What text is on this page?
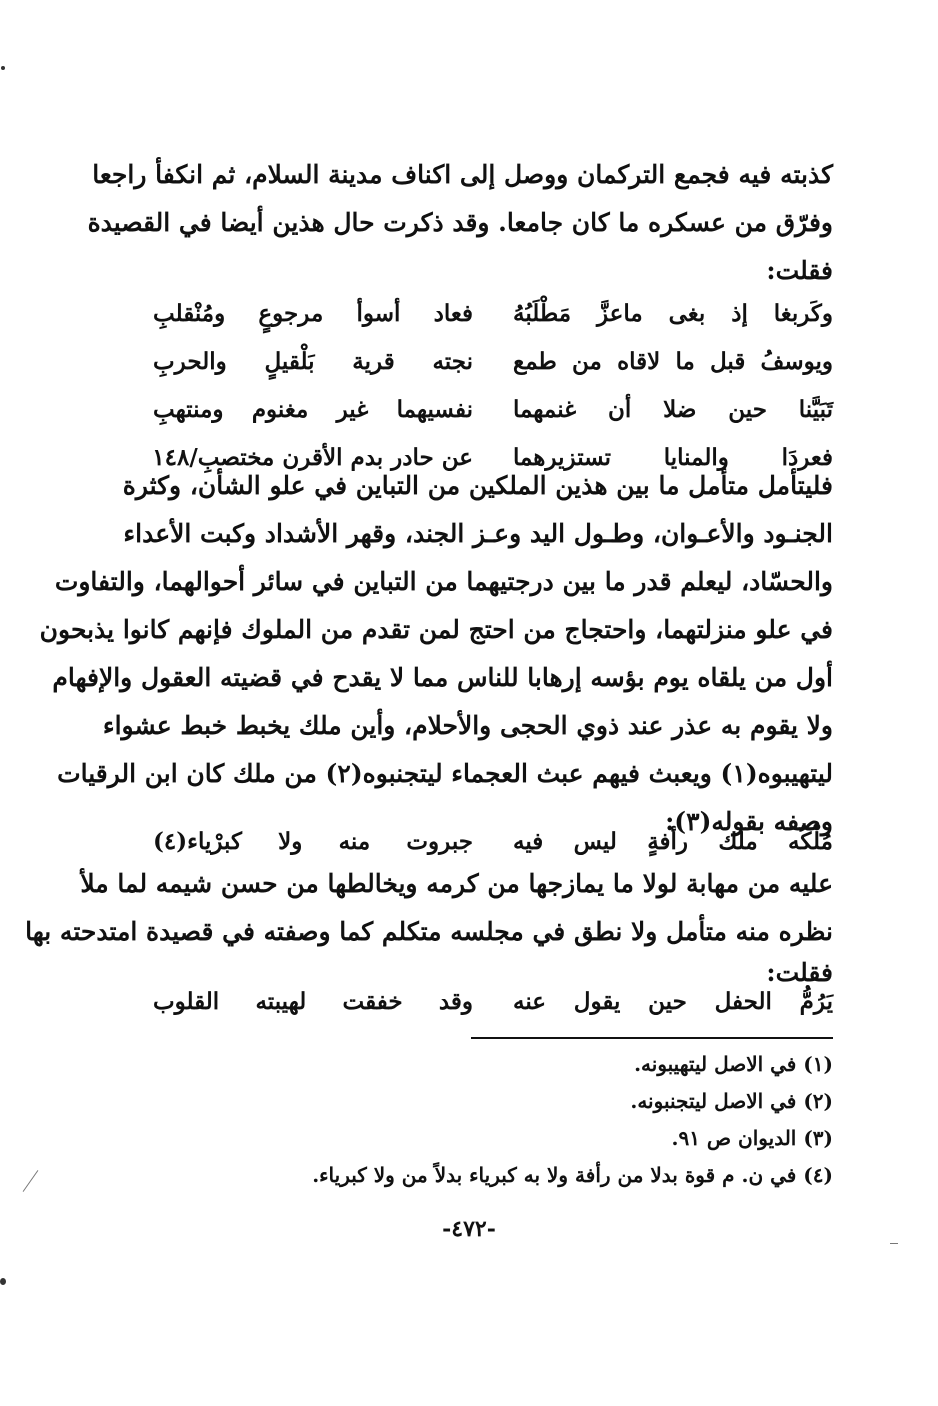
كذبته فيه فجمع التركمان ووصل إلى اكناف مدينة السلام، ثم انكفأ راجعا
وفرّق من عسكره ما كان جامعا. وقد ذكرت حال هذين أيضا في القصيدة
فقلت:
وكَربغا إذ بغى ماعزَّ مَطْلَبُهُ
فعاد أسوأ مرجوعٍ ومُنْقلبِ
ويوسفُ قبل ما لاقاه من طمع
نجته قرية بَلْقيلٍ والحربِ
تَبَيَّنا حين ضلا أن غنمهما
نفسيهما غير مغنوم ومنتهبِ
فعردَا والمنايا تستزيرهما
عن حادر بدم الأقرن مختصبِ/١٤٨
فليتأمل متأمل ما بين هذين الملكين من التباين في علو الشأن، وكثرة
الجنـود والأعـوان، وطـول اليد وعـز الجند، وقهر الأشداد وكبت الأعداء
والحسّاد، ليعلم قدر ما بين درجتيهما من التباين في سائر أحوالهما، والتفاوت
في علو منزلتهما، واحتجاج من احتج لمن تقدم من الملوك فإنهم كانوا يذبحون
أول من يلقاه يوم بؤسه إرهابا للناس مما لا يقدح في قضيته العقول والإفهام
ولا يقوم به عذر عند ذوي الحجى والأحلام، وأين ملك يخبط خبط عشواء
ليتهيبوه(١) ويعبث فيهم عبث العجماء ليتجنبوه(٢) من ملك كان ابن الرقيات
وصفه بقوله(٣):
مُلْكُه ملك رأفةٍ ليس فيه
جبروت منه ولا كبرْياء(٤)
عليه من مهابة لولا ما يمازجها من كرمه ويخالطها من حسن شيمه لما ملأ
نظره منه متأمل ولا نطق في مجلسه متكلم كما وصفته في قصيدة امتدحته بها
فقلت:
يَرُمُّ الحفل حين يقول عنه
وقد خفقت لهيبته القلوب
(١) في الاصل ليتهيبونه.
(٢) في الاصل ليتجنبونه.
(٣) الديوان ص ٩١.
(٤) في ن. م قوة بدلا من رأفة ولا به كبرياء بدلاً من ولا كبرياء.
-٤٧٢-
